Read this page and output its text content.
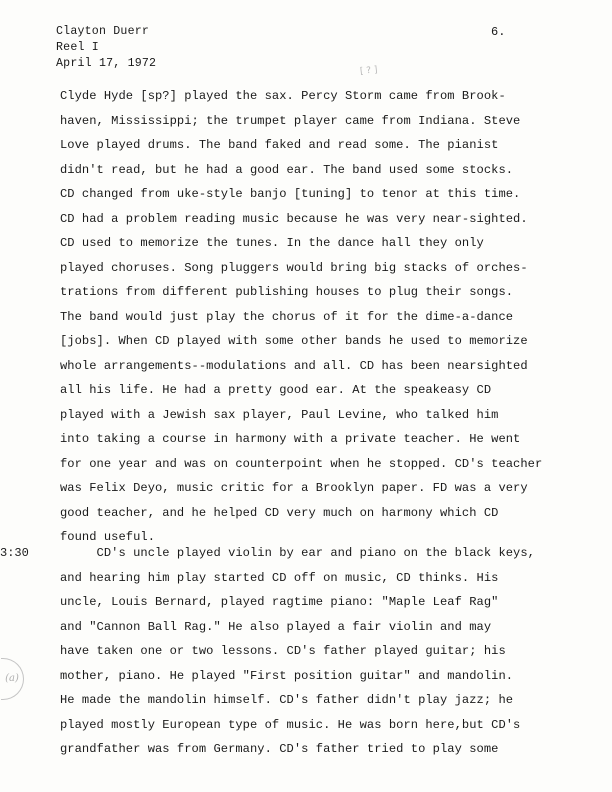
Clayton Duerr
Reel I
April 17, 1972
6.
[ ? ]
Clyde Hyde [sp?] played the sax. Percy Storm came from Brook-
haven, Mississippi; the trumpet player came from Indiana. Steve
Love played drums. The band faked and read some. The pianist
didn't read, but he had a good ear. The band used some stocks.
CD changed from uke-style banjo [tuning] to tenor at this time.
CD had a problem reading music because he was very near-sighted.
CD used to memorize the tunes. In the dance hall they only
played choruses. Song pluggers would bring big stacks of orches-
trations from different publishing houses to plug their songs.
The band would just play the chorus of it for the dime-a-dance
[jobs]. When CD played with some other bands he used to memorize
whole arrangements--modulations and all. CD has been nearsighted
all his life. He had a pretty good ear. At the speakeasy CD
played with a Jewish sax player, Paul Levine, who talked him
into taking a course in harmony with a private teacher. He went
for one year and was on counterpoint when he stopped. CD's teacher
was Felix Deyo, music critic for a Brooklyn paper. FD was a very
good teacher, and he helped CD very much on harmony which CD
found useful.
3:30	CD's uncle played violin by ear and piano on the black keys,
and hearing him play started CD off on music, CD thinks. His
uncle, Louis Bernard, played ragtime piano: "Maple Leaf Rag"
and "Cannon Ball Rag." He also played a fair violin and may
have taken one or two lessons. CD's father played guitar; his
mother, piano. He played "First position guitar" and mandolin.
He made the mandolin himself. CD's father didn't play jazz; he
played mostly European type of music. He was born here,but CD's
grandfather was from Germany. CD's father tried to play some
(a)
